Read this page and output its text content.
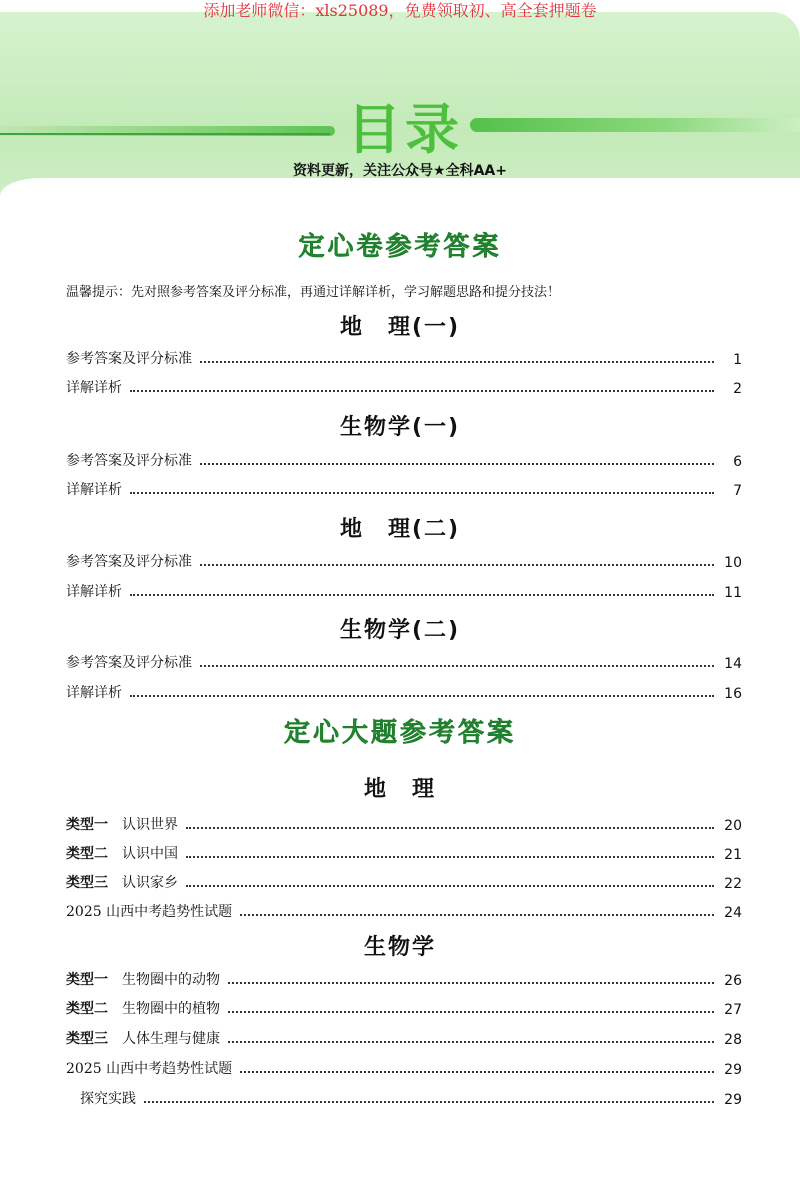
添加老师微信：xls25089，免费领取初、高全套押题卷
目录
资料更新，关注公众号★全科AA+
定心卷参考答案
温馨提示：先对照参考答案及评分标准，再通过详解详析，学习解题思路和提分技法！
地　理(一)
参考答案及评分标准	1
详解详析	2
生物学(一)
参考答案及评分标准	6
详解详析	7
地　理(二)
参考答案及评分标准	10
详解详析	11
生物学(二)
参考答案及评分标准	14
详解详析	16
定心大题参考答案
地　理
类型一 认识世界	20
类型二 认识中国	21
类型三 认识家乡	22
2025 山西中考趋势性试题	24
生物学
类型一 生物圈中的动物	26
类型二 生物圈中的植物	27
类型三 人体生理与健康	28
2025 山西中考趋势性试题	29
探究实践	29
